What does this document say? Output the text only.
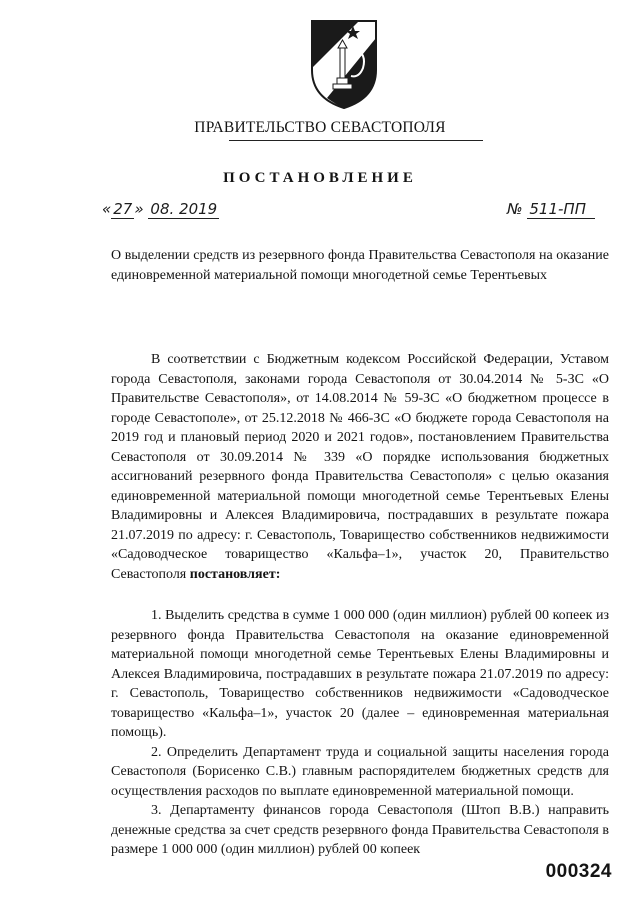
ПРАВИТЕЛЬСТВО СЕВАСТОПОЛЯ
ПОСТАНОВЛЕНИЕ
« 27 » 08. 2019	№ 511-ПП
О выделении средств из резервного фонда Правительства Севастополя на оказание единовременной материальной помощи многодетной семье Терентьевых

В соответствии с Бюджетным кодексом Российской Федерации, Уставом города Севастополя, законами города Севастополя от 30.04.2014 № 5-ЗС «О Правительстве Севастополя», от 14.08.2014 № 59-ЗС «О бюджетном процессе в городе Севастополе», от 25.12.2018 № 466-ЗС «О бюджете города Севастополя на 2019 год и плановый период 2020 и 2021 годов», постановлением Правительства Севастополя от 30.09.2014 № 339 «О порядке использования бюджетных ассигнований резервного фонда Правительства Севастополя» с целью оказания единовременной материальной помощи многодетной семье Терентьевых Елены Владимировны и Алексея Владимировича, пострадавших в результате пожара 21.07.2019 по адресу: г. Севастополь, Товарищество собственников недвижимости «Садоводческое товарищество «Кальфа–1», участок 20, Правительство Севастополя постановляет:

1. Выделить средства в сумме 1 000 000 (один миллион) рублей 00 копеек из резервного фонда Правительства Севастополя на оказание единовременной материальной помощи многодетной семье Терентьевых Елены Владимировны и Алексея Владимировича, пострадавших в результате пожара 21.07.2019 по адресу: г. Севастополь, Товарищество собственников недвижимости «Садоводческое товарищество «Кальфа–1», участок 20 (далее – единовременная материальная помощь).

2. Определить Департамент труда и социальной защиты населения города Севастополя (Борисенко С.В.) главным распорядителем бюджетных средств для осуществления расходов по выплате единовременной материальной помощи.

3. Департаменту финансов города Севастополя (Штоп В.В.) направить денежные средства за счет средств резервного фонда Правительства Севастополя в размере 1 000 000 (один миллион) рублей 00 копеек

000324
